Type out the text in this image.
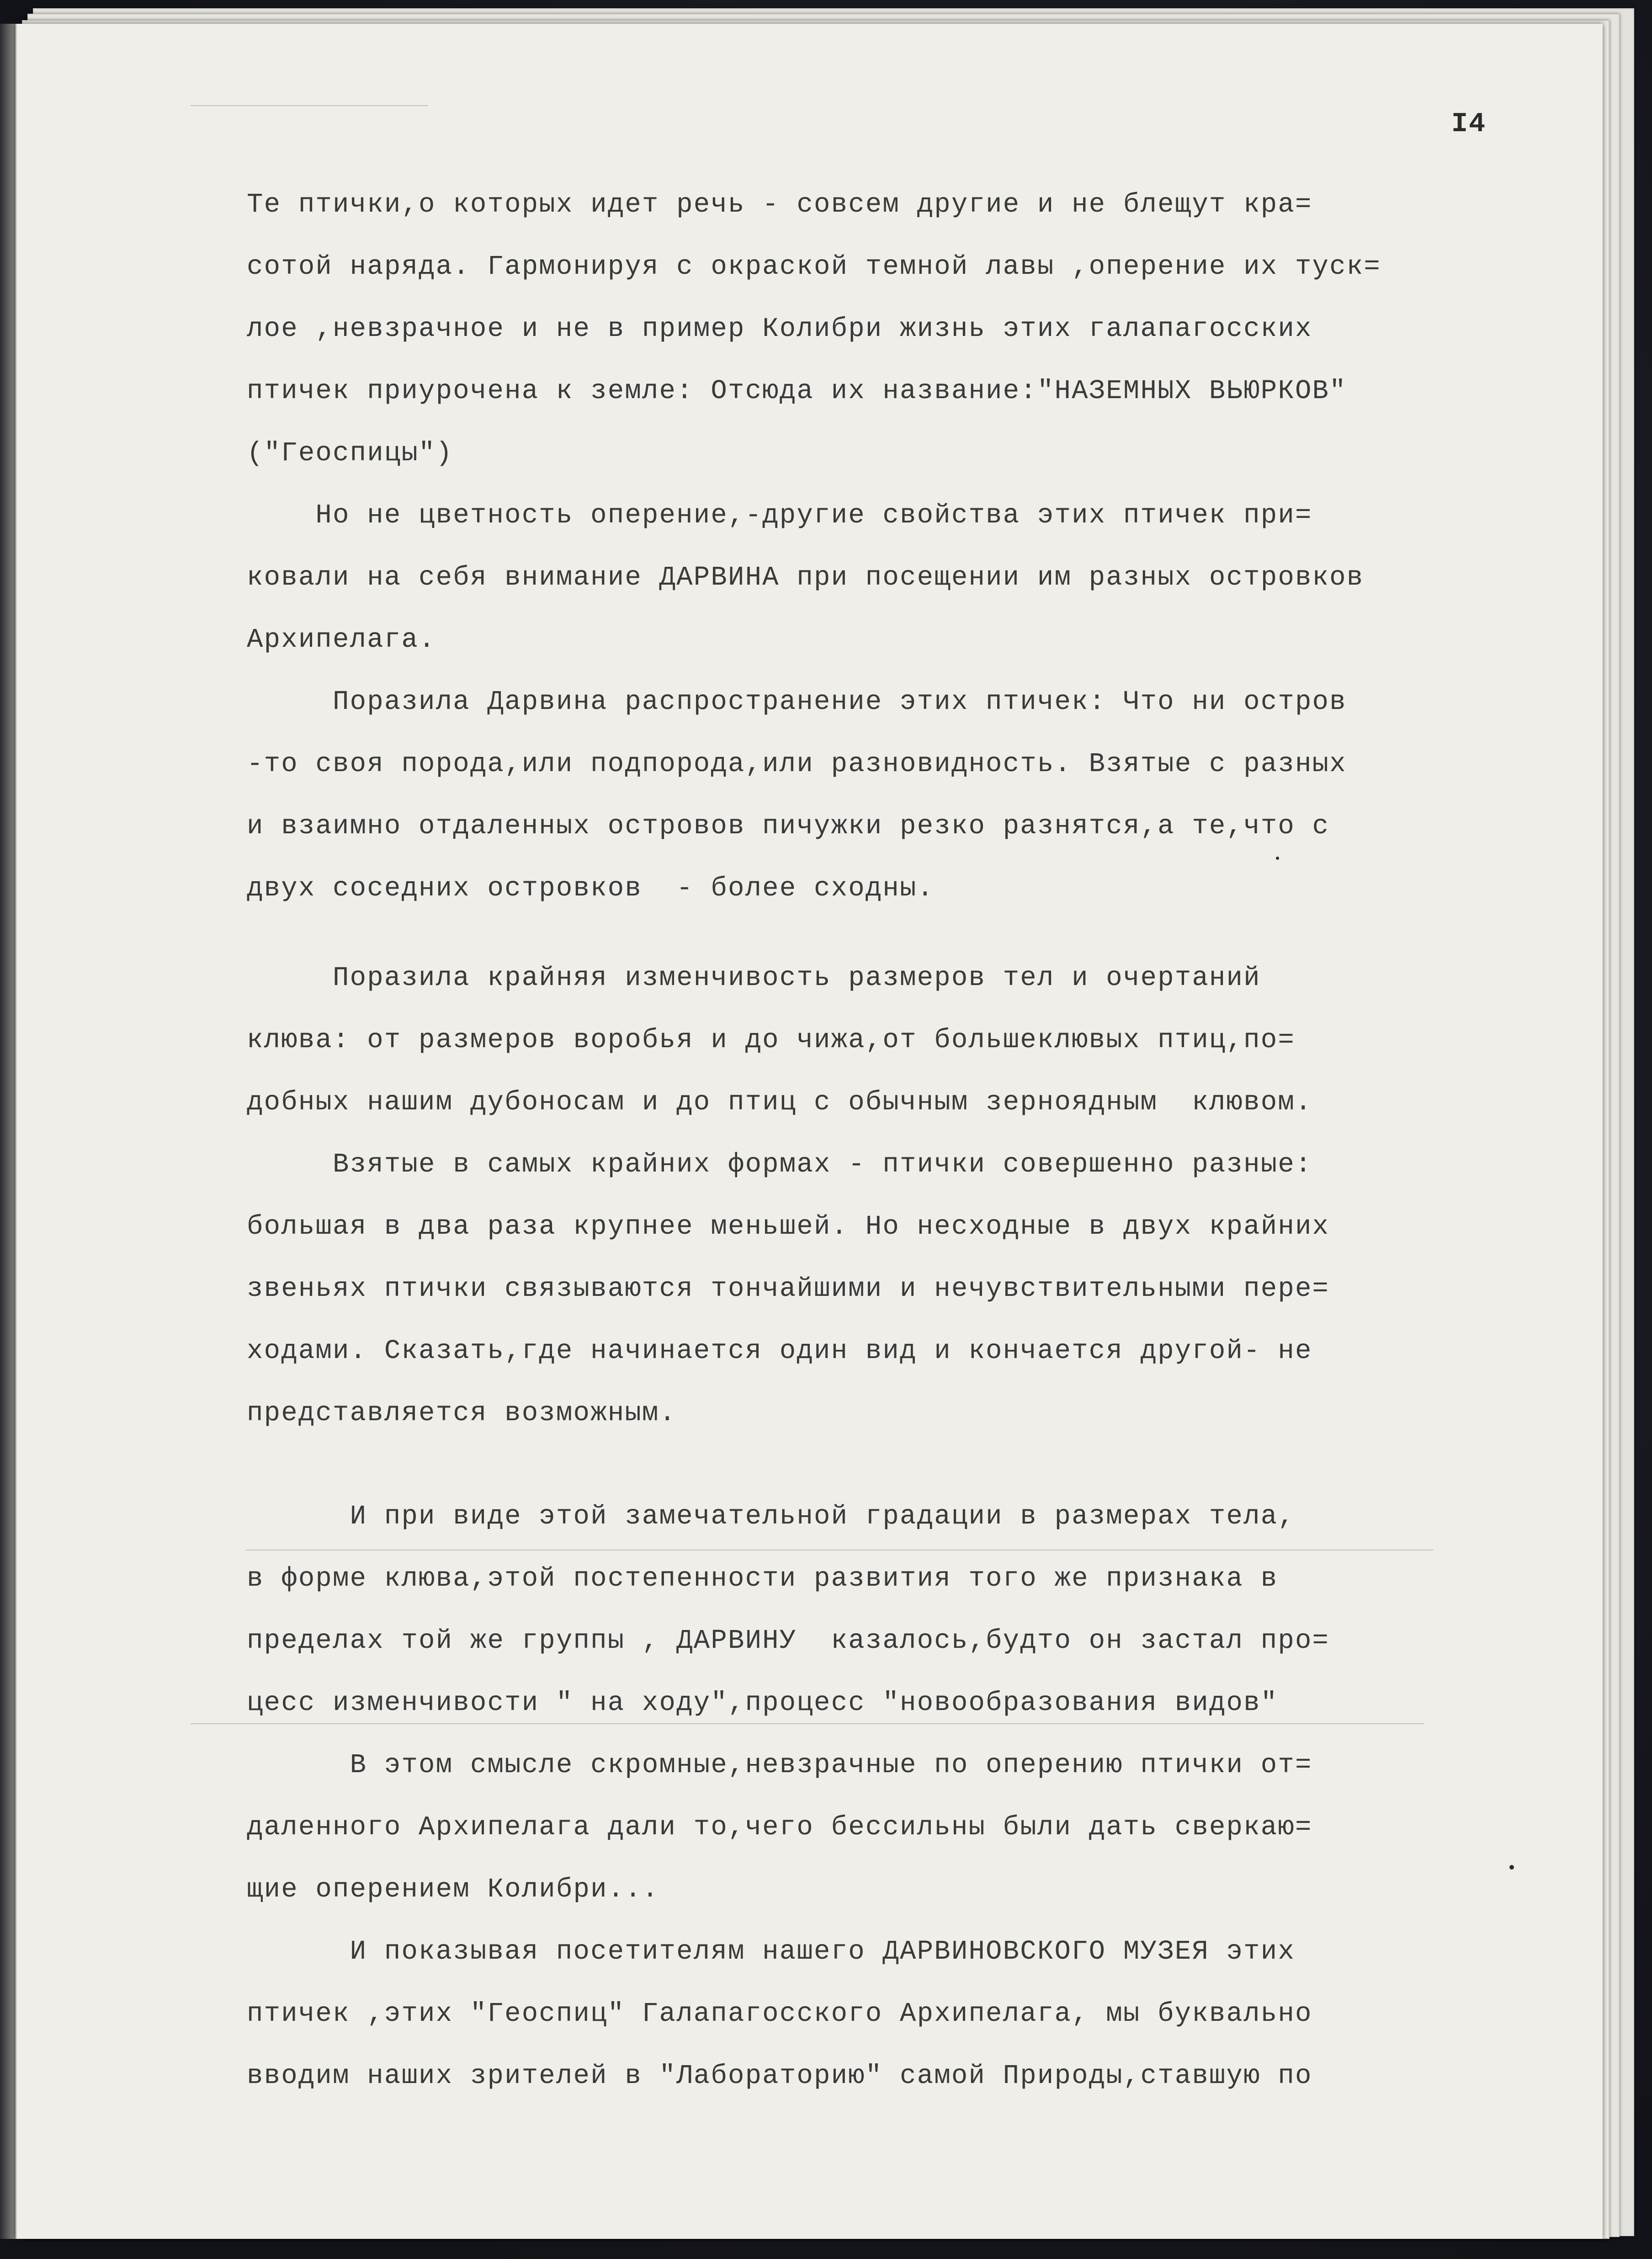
I4
Те птички,о которых идет речь - совсем другие и не блещут кра=
сотой наряда. Гармонируя с окраской темной лавы ,оперение их туск=
лое ,невзрачное и не в пример Колибри жизнь этих галапагосских
птичек приурочена к земле: Отсюда их название:"НАЗЕМНЫХ ВЬЮРКОВ"
("Геоспицы")
Но не цветность оперение,-другие свойства этих птичек при=
ковали на себя внимание ДАРВИНА при посещении им разных островков
Архипелага.
Поразила Дарвина распространение этих птичек: Что ни остров
-то своя порода,или подпорода,или разновидность. Взятые с разных
и взаимно отдаленных островов пичужки резко разнятся,а те,что с
двух соседних островков  - более сходны.
Поразила крайняя изменчивость размеров тел и очертаний
клюва: от размеров воробья и до чижа,от большеклювых птиц,по=
добных нашим дубоносам и до птиц с обычным зерноядным  клювом.
Взятые в самых крайних формах - птички совершенно разные:
большая в два раза крупнее меньшей. Но несходные в двух крайних
звеньях птички связываются тончайшими и нечувствительными пере=
ходами. Сказать,где начинается один вид и кончается другой- не
представляется возможным.
И при виде этой замечательной градации в размерах тела,
в форме клюва,этой постепенности развития того же признака в
пределах той же группы , ДАРВИНУ  казалось,будто он застал про=
цесс изменчивости " на ходу",процесс "новообразования видов"
В этом смысле скромные,невзрачные по оперению птички от=
даленного Архипелага дали то,чего бессильны были дать сверкаю=
щие оперением Колибри...
И показывая посетителям нашего ДАРВИНОВСКОГО МУЗЕЯ этих
птичек ,этих "Геоспиц" Галапагосского Архипелага, мы буквально
вводим наших зрителей в "Лабораторию" самой Природы,ставшую по
